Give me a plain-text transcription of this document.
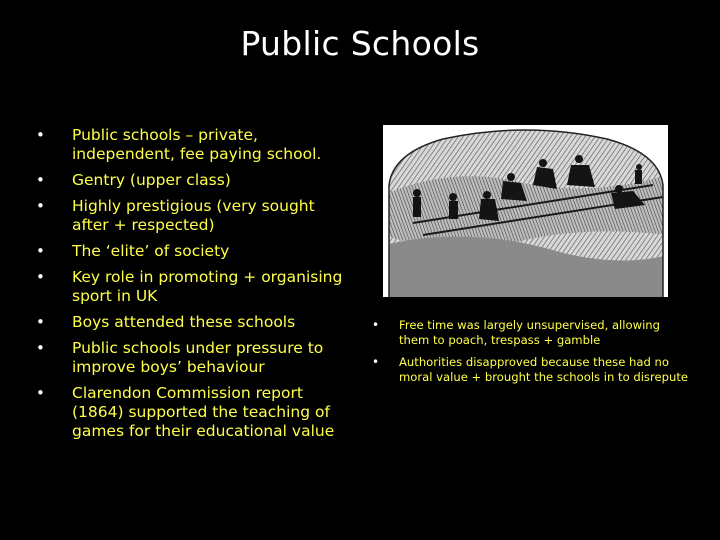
Public Schools
• Public schools – private, independent, fee paying school.
• Gentry (upper class)
• Highly prestigious (very sought after + respected)
• The ‘elite’ of society
• Key role in promoting + organising sport in UK
• Boys attended these schools
• Public schools under pressure to improve boys’ behaviour
• Clarendon Commission report (1864) supported the teaching of games for their educational value
• Free time was largely unsupervised, allowing them to poach, trespass + gamble
• Authorities disapproved because these had no moral value + brought the schools in to disrepute
